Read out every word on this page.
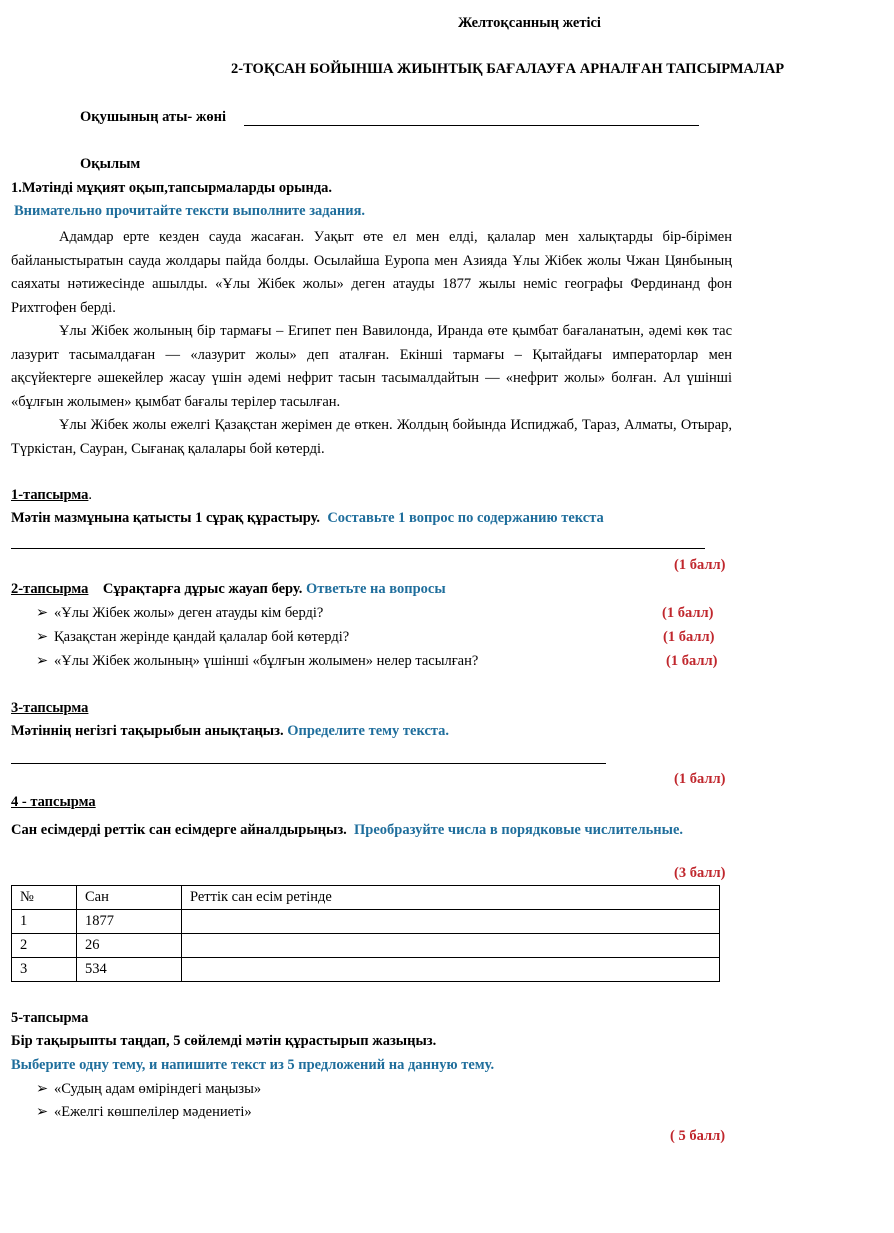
Желтоқсанның жетісі
2-ТОҚСАН БОЙЫНША ЖИЫНТЫҚ БАҒАЛАУҒА АРНАЛҒАН ТАПСЫРМАЛАР
Оқушының аты- жөні
Оқылым
1.Мәтінді мұқият оқып,тапсырмаларды орында.
Внимательно прочитайте тексти выполните задания.

Адамдар ерте кезден сауда жасаған. Уақыт өте ел мен елді, қалалар мен халықтарды бір-бірімен байланыстыратын сауда жолдары пайда болды. Осылайша Еуропа мен Азияда Ұлы Жібек жолы Чжан Цянбының саяхаты нәтижесінде ашылды. «Ұлы Жібек жолы» деген атауды 1877 жылы неміс географы Фердинанд фон Рихтгофен берді.

Ұлы Жібек жолының бір тармағы – Египет пен Вавилонда, Иранда өте қымбат бағаланатын, әдемі көк тас лазурит тасымалдаған — «лазурит жолы» деп аталған. Екінші тармағы – Қытайдағы императорлар мен ақсүйектерге әшекейлер жасау үшін әдемі нефрит тасын тасымалдайтын — «нефрит жолы» болған. Ал үшінші «бұлғын жолымен» қымбат бағалы терілер тасылған.

Ұлы Жібек жолы ежелгі Қазақстан жерімен де өткен. Жолдың бойында Испиджаб, Тараз, Алматы, Отырар, Түркістан, Сауран, Сығанақ қалалары бой көтерді.

1-тапсырма.
Мәтін мазмұнына қатысты 1 сұрақ құрастыру. Составьте 1 вопрос по содержанию текста
(1 балл)
2-тапсырма Сұрақтарға дұрыс жауап беру. Ответьте на вопросы
➢ «Ұлы Жібек жолы» деген атауды кім берді?	(1 балл)
➢ Қазақстан жерінде қандай қалалар бой көтерді?	(1 балл)
➢ «Ұлы Жібек жолының» үшінші «бұлғын жолымен» нелер тасылған?	(1 балл)
3-тапсырма
Мәтіннің негізгі тақырыбын анықтаңыз. Определите тему текста.
(1 балл)
4 - тапсырма
Сан есімдерді реттік сан есімдерге айналдырыңыз. Преобразуйте числа в порядковые числительные.
(3 балл)
№	Сан	Реттік сан есім ретінде
1	1877	
2	26	
3	534	
5-тапсырма
Бір тақырыпты таңдап, 5 сөйлемді мәтін құрастырып жазыңыз.
Выберите одну тему, и напишите текст из 5 предложений на данную тему.
➢ «Судың адам өміріндегі маңызы»
➢ «Ежелгі көшпелілер мәдениеті»
( 5 балл)
